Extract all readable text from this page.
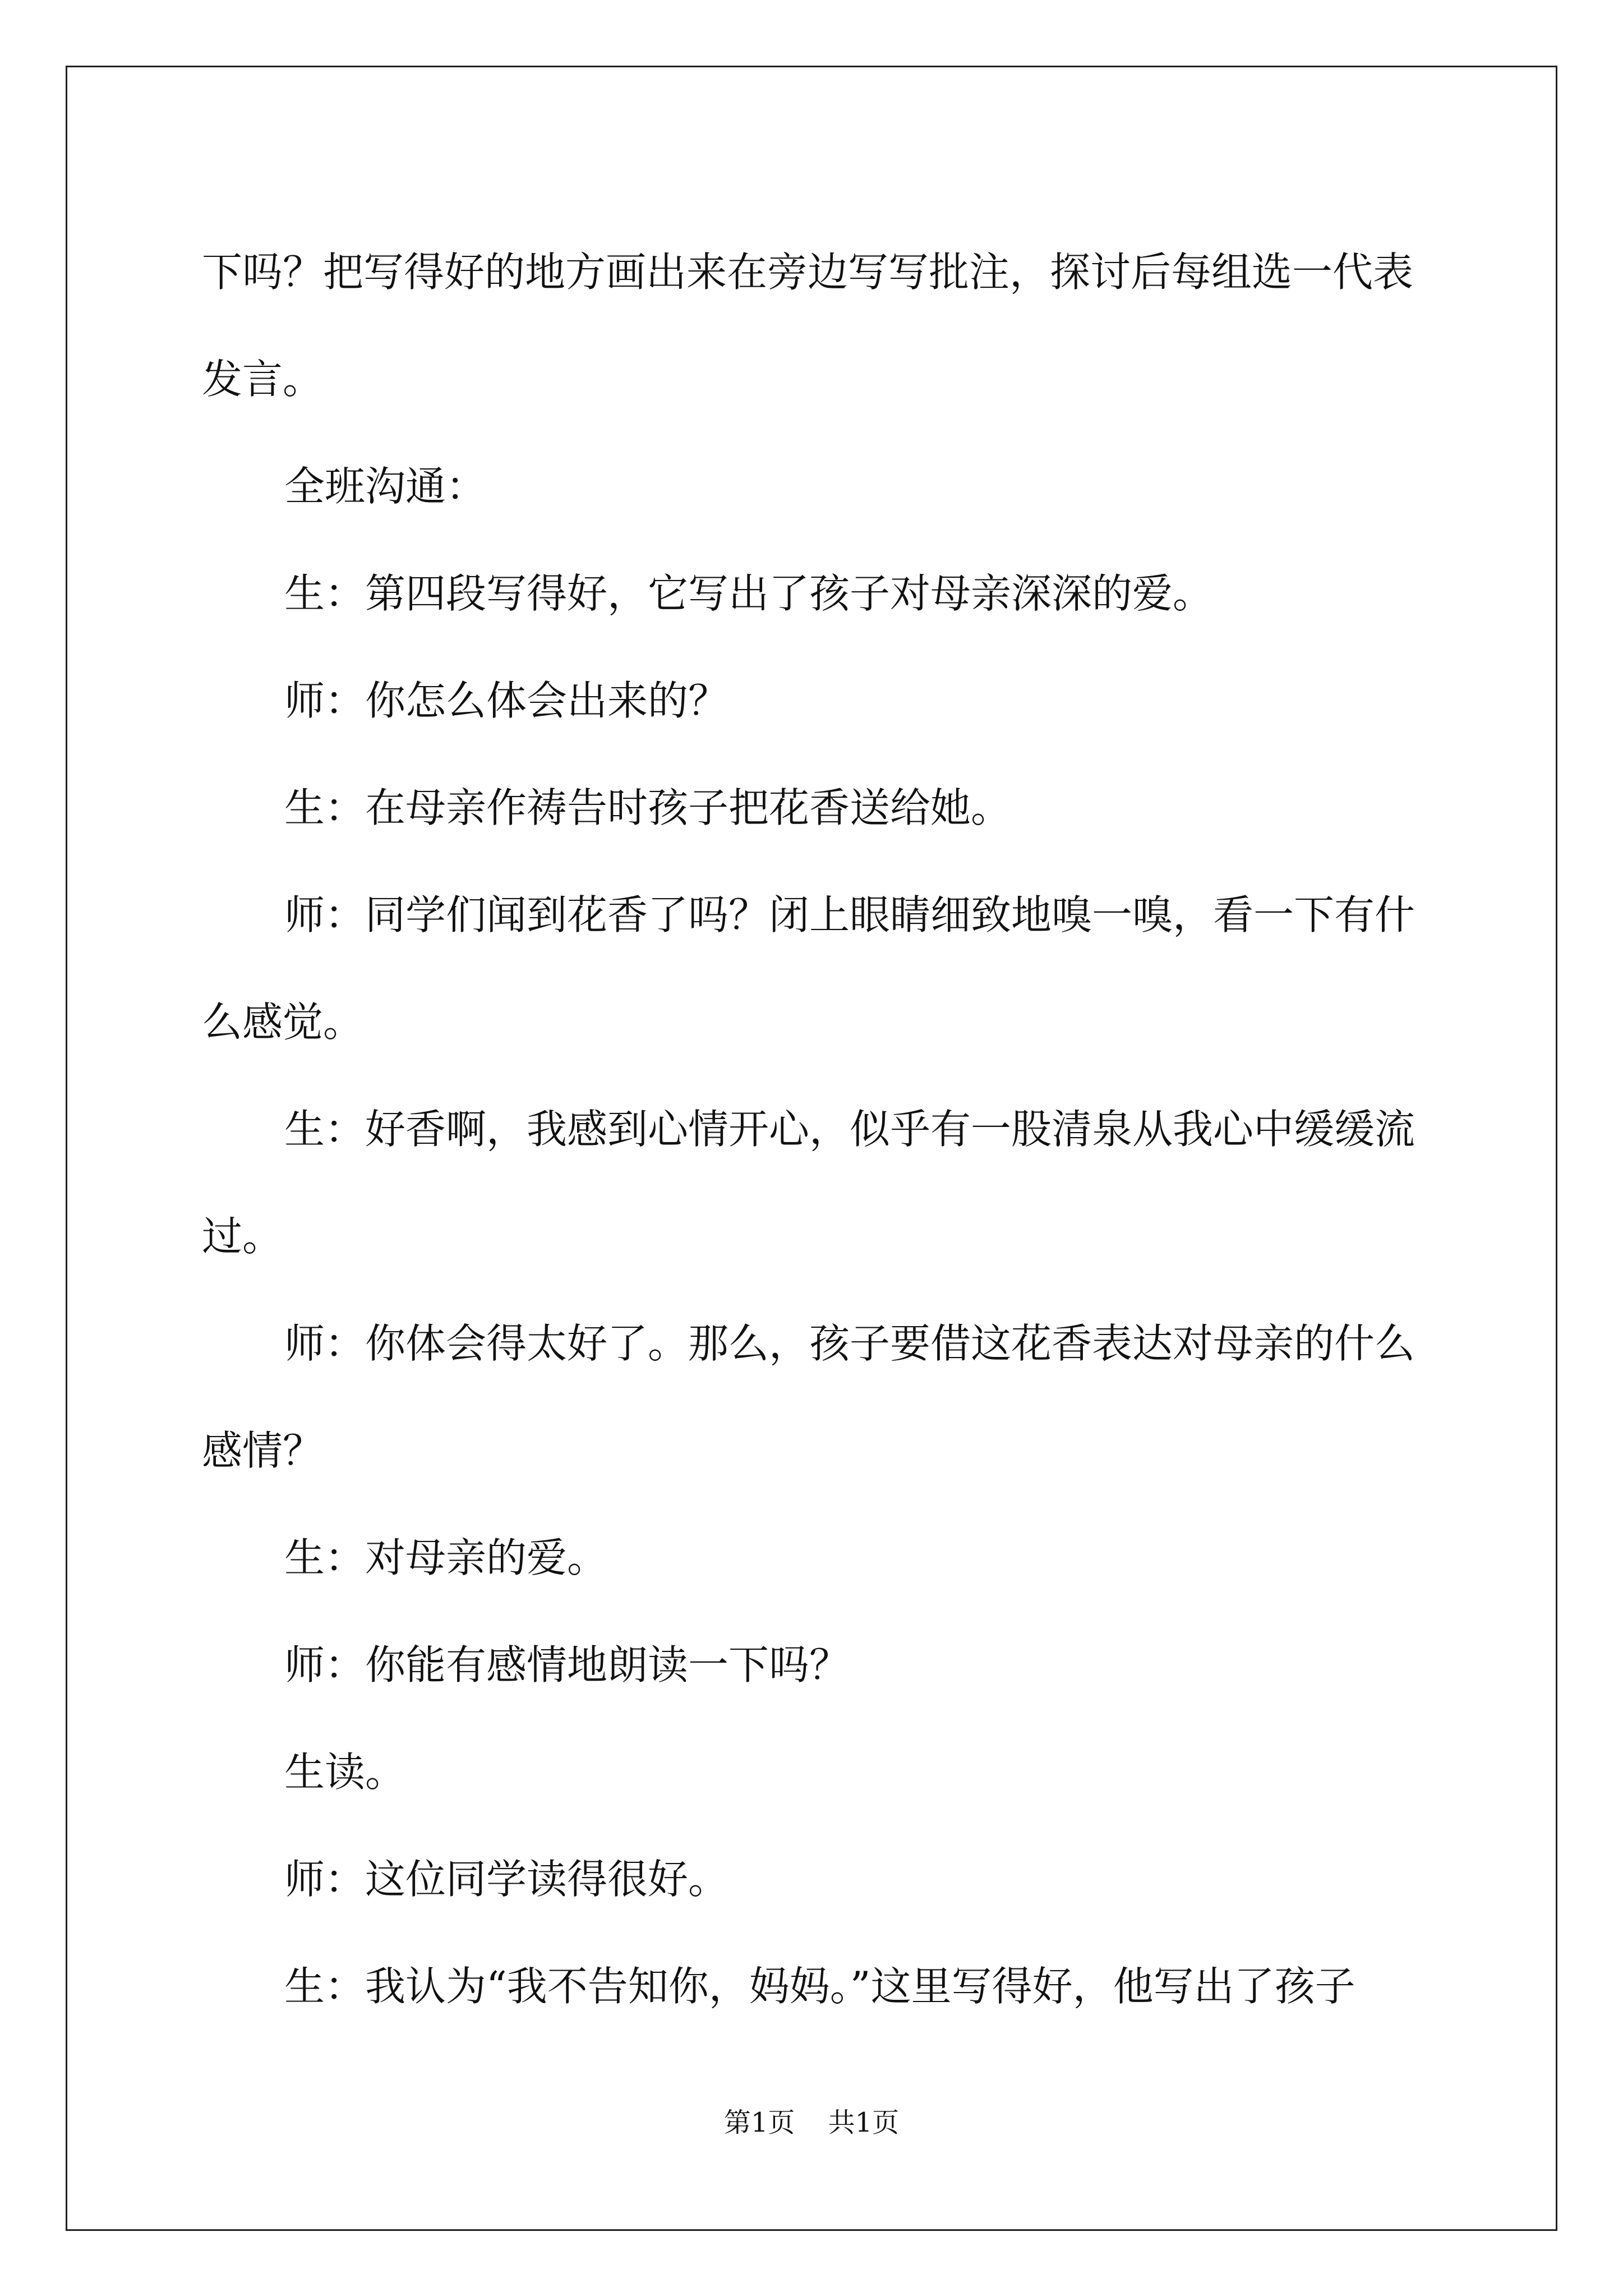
下吗？把写得好的地方画出来在旁边写写批注，探讨后每组选一代表发言。

全班沟通：

生：第四段写得好，它写出了孩子对母亲深深的爱。

师：你怎么体会出来的？

生：在母亲作祷告时孩子把花香送给她。

师：同学们闻到花香了吗？闭上眼睛细致地嗅一嗅，看一下有什么感觉。

生：好香啊，我感到心情开心，似乎有一股清泉从我心中缓缓流过。

师：你体会得太好了。那么，孩子要借这花香表达对母亲的什么感情？

生：对母亲的爱。

师：你能有感情地朗读一下吗？

生读。

师：这位同学读得很好。

生：我认为“我不告知你，妈妈。”这里写得好，他写出了孩子

第1页 共1页
